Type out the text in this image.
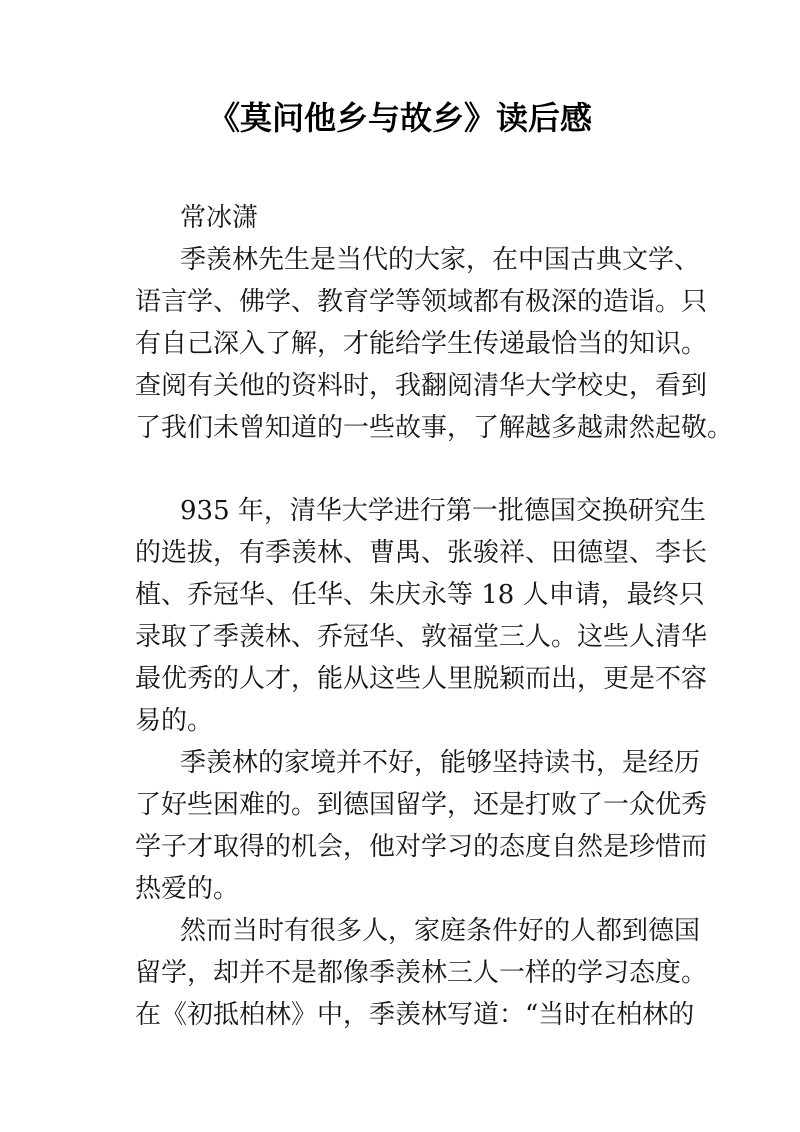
《莫问他乡与故乡》读后感
常冰潇
季羡林先生是当代的大家，在中国古典文学、
语言学、佛学、教育学等领域都有极深的造诣。只
有自己深入了解，才能给学生传递最恰当的知识。
查阅有关他的资料时，我翻阅清华大学校史，看到
了我们未曾知道的一些故事，了解越多越肃然起敬。
935 年，清华大学进行第一批德国交换研究生
的选拔，有季羡林、曹禺、张骏祥、田德望、李长
植、乔冠华、任华、朱庆永等 18 人申请，最终只
录取了季羡林、乔冠华、敦福堂三人。这些人清华
最优秀的人才，能从这些人里脱颖而出，更是不容
易的。
季羡林的家境并不好，能够坚持读书，是经历
了好些困难的。到德国留学，还是打败了一众优秀
学子才取得的机会，他对学习的态度自然是珍惜而
热爱的。
然而当时有很多人，家庭条件好的人都到德国
留学，却并不是都像季羡林三人一样的学习态度。
在《初抵柏林》中，季羡林写道：“当时在柏林的
